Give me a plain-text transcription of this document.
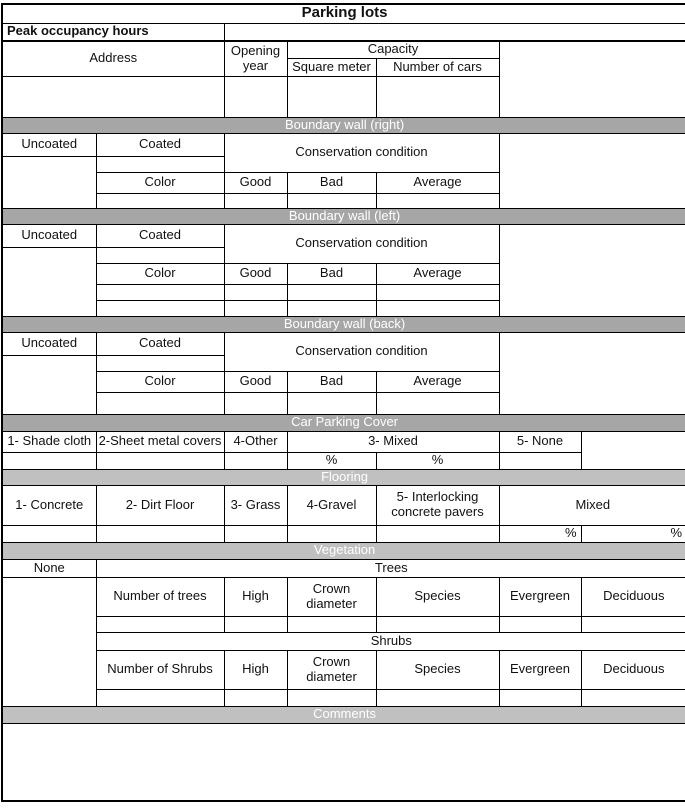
Parking lots						
Peak occupancy hours						
Address		Opening year	Capacity			
			Square meter	Number of cars		

Boundary wall (right)						
Uncoated	Coated	Conservation condition				

	Color	Good	Bad	Average		

Boundary wall (left)						
Uncoated	Coated	Conservation condition				

	Color	Good	Bad	Average		

Boundary wall (back)						
Uncoated	Coated	Conservation condition				

	Color	Good	Bad	Average		

Car Parking Cover						
1- Shade cloth	2-Sheet metal covers	4-Other	3- Mixed		5- None	
			%	%		
Flooring						
1- Concrete	2- Dirt Floor	3- Grass	4-Gravel	5- Interlocking concrete pavers	Mixed	
					%	%
Vegetation						
None	Trees					
	Number of trees	High	Crown diameter	Species	Evergreen	Deciduous

	Shrubs					
	Number of Shrubs	High	Crown diameter	Species	Evergreen	Deciduous

Comments						
